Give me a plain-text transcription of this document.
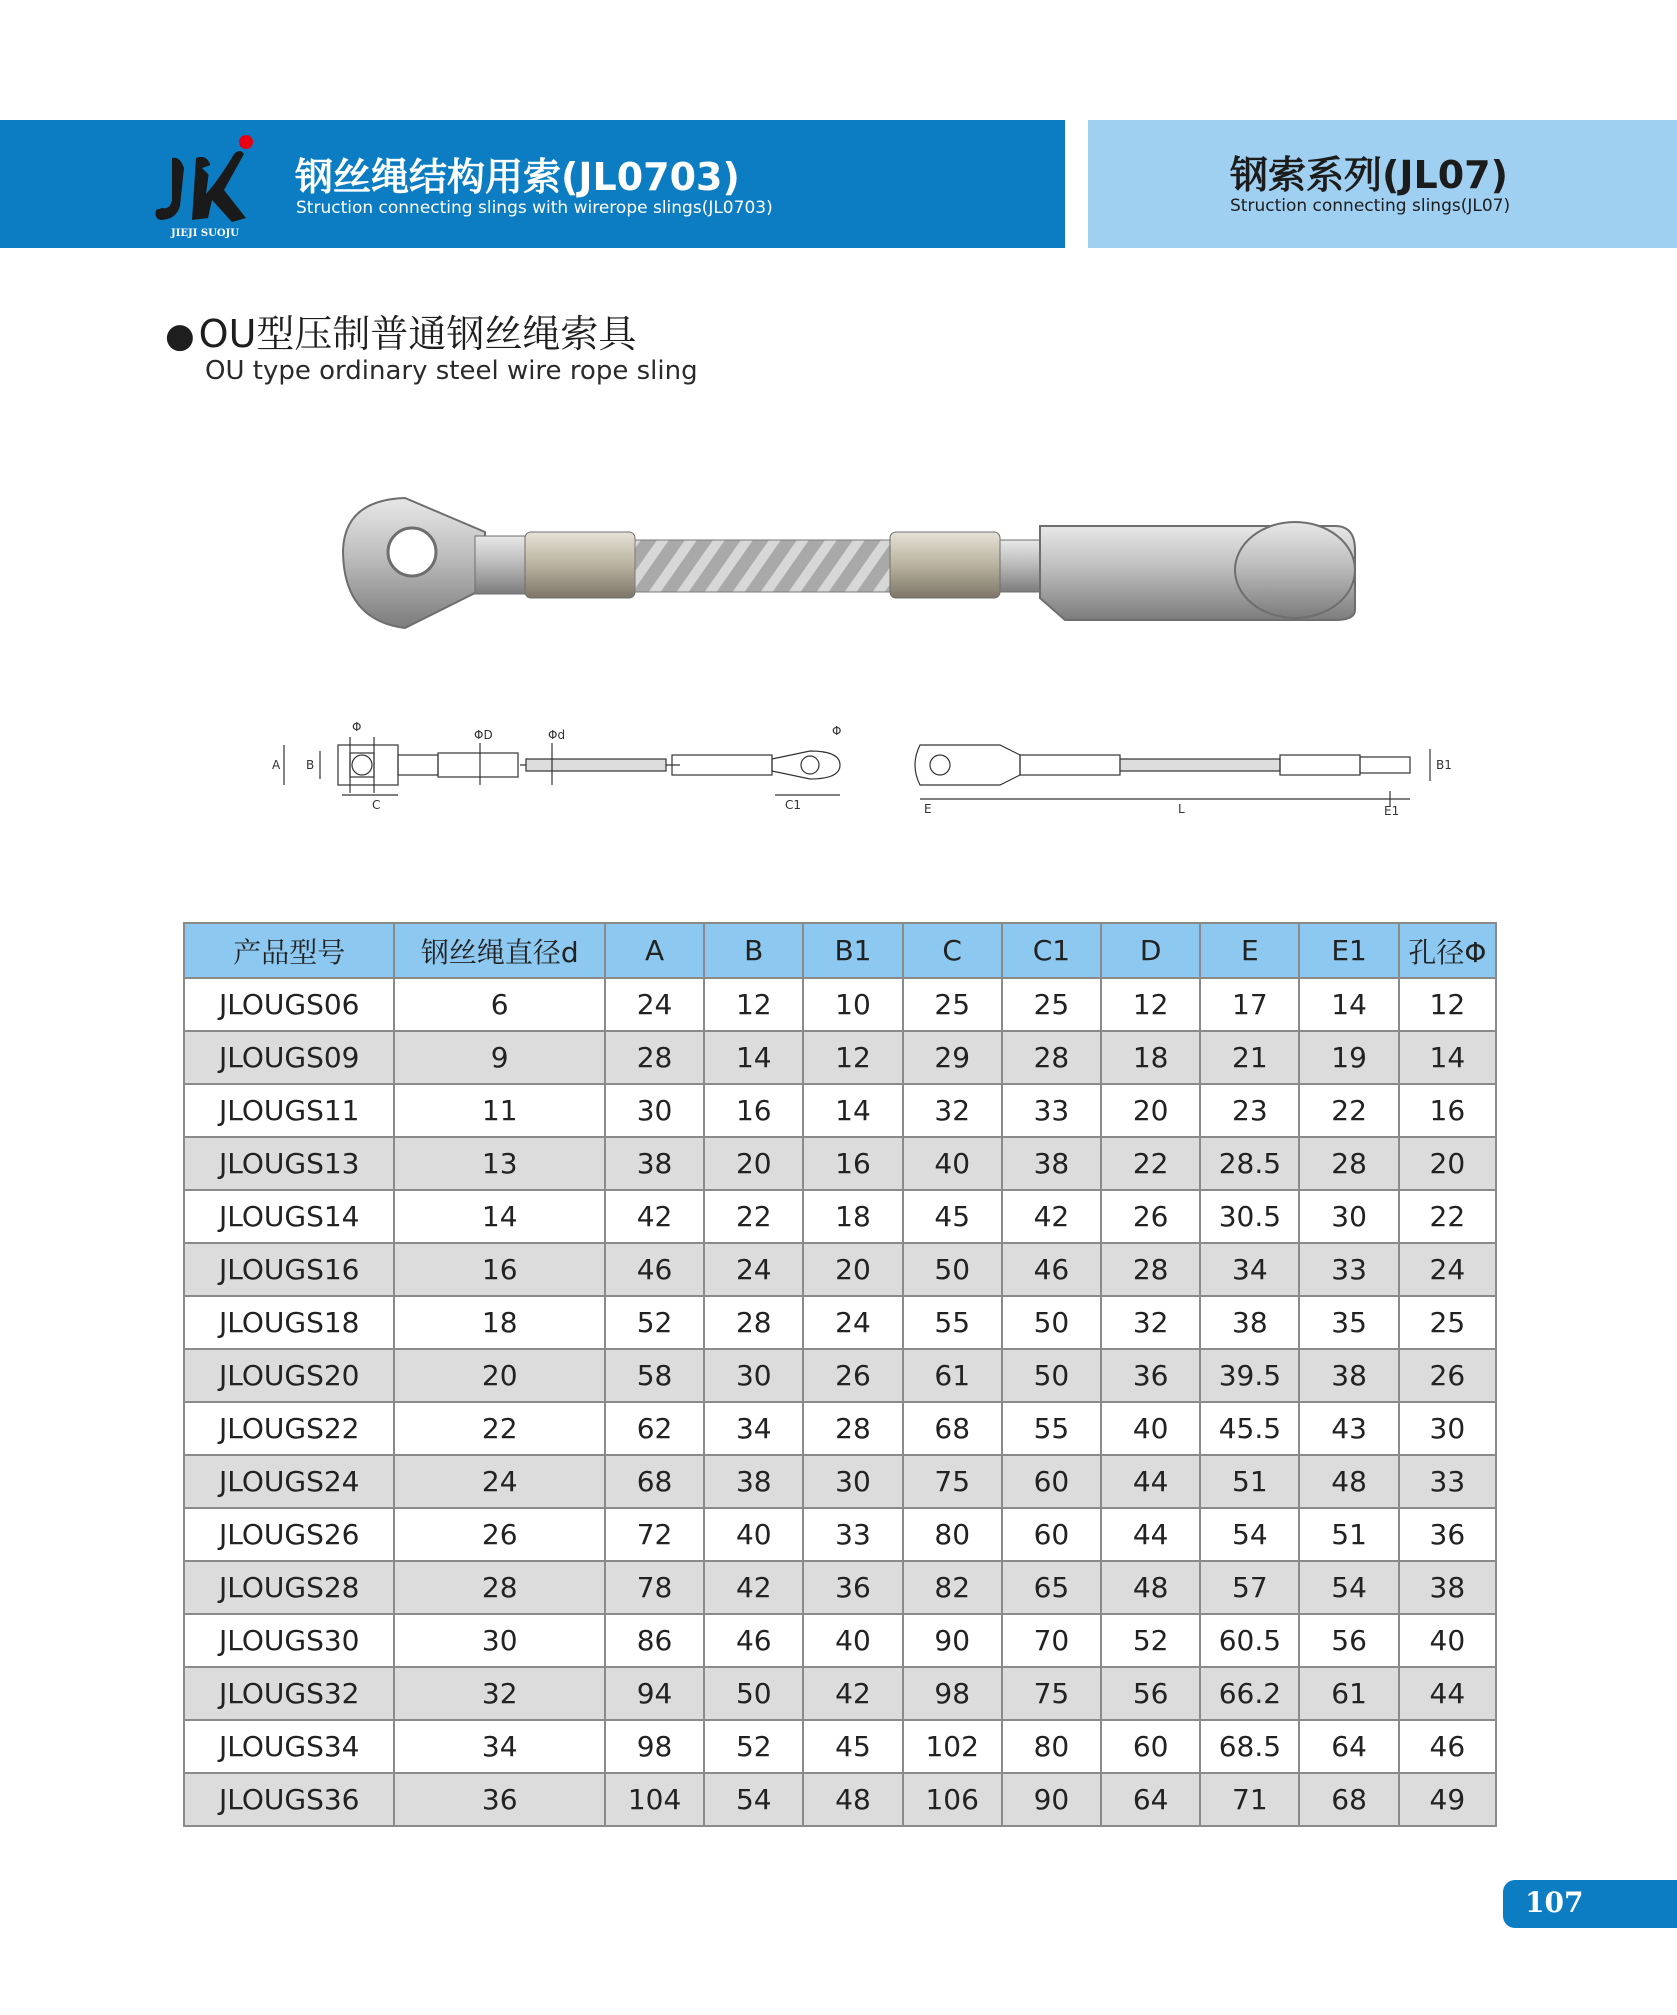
JIEJI SUOJU
钢丝绳结构用索(JL0703)
Struction connecting slings with wirerope slings(JL0703)
钢索系列(JL07)
Struction connecting slings(JL07)
● OU型压制普通钢丝绳索具
OU type ordinary steel wire rope sling
Φ
A B
C
ΦD	Φd
C1
Φ
B1
E	L	E1
产品型号	钢丝绳直径d	A	B	B1	C	C1	D	E	E1	孔径Φ
JLOUGS06	6	24	12	10	25	25	12	17	14	12
JLOUGS09	9	28	14	12	29	28	18	21	19	14
JLOUGS11	11	30	16	14	32	33	20	23	22	16
JLOUGS13	13	38	20	16	40	38	22	28.5	28	20
JLOUGS14	14	42	22	18	45	42	26	30.5	30	22
JLOUGS16	16	46	24	20	50	46	28	34	33	24
JLOUGS18	18	52	28	24	55	50	32	38	35	25
JLOUGS20	20	58	30	26	61	50	36	39.5	38	26
JLOUGS22	22	62	34	28	68	55	40	45.5	43	30
JLOUGS24	24	68	38	30	75	60	44	51	48	33
JLOUGS26	26	72	40	33	80	60	44	54	51	36
JLOUGS28	28	78	42	36	82	65	48	57	54	38
JLOUGS30	30	86	46	40	90	70	52	60.5	56	40
JLOUGS32	32	94	50	42	98	75	56	66.2	61	44
JLOUGS34	34	98	52	45	102	80	60	68.5	64	46
JLOUGS36	36	104	54	48	106	90	64	71	68	49
107
